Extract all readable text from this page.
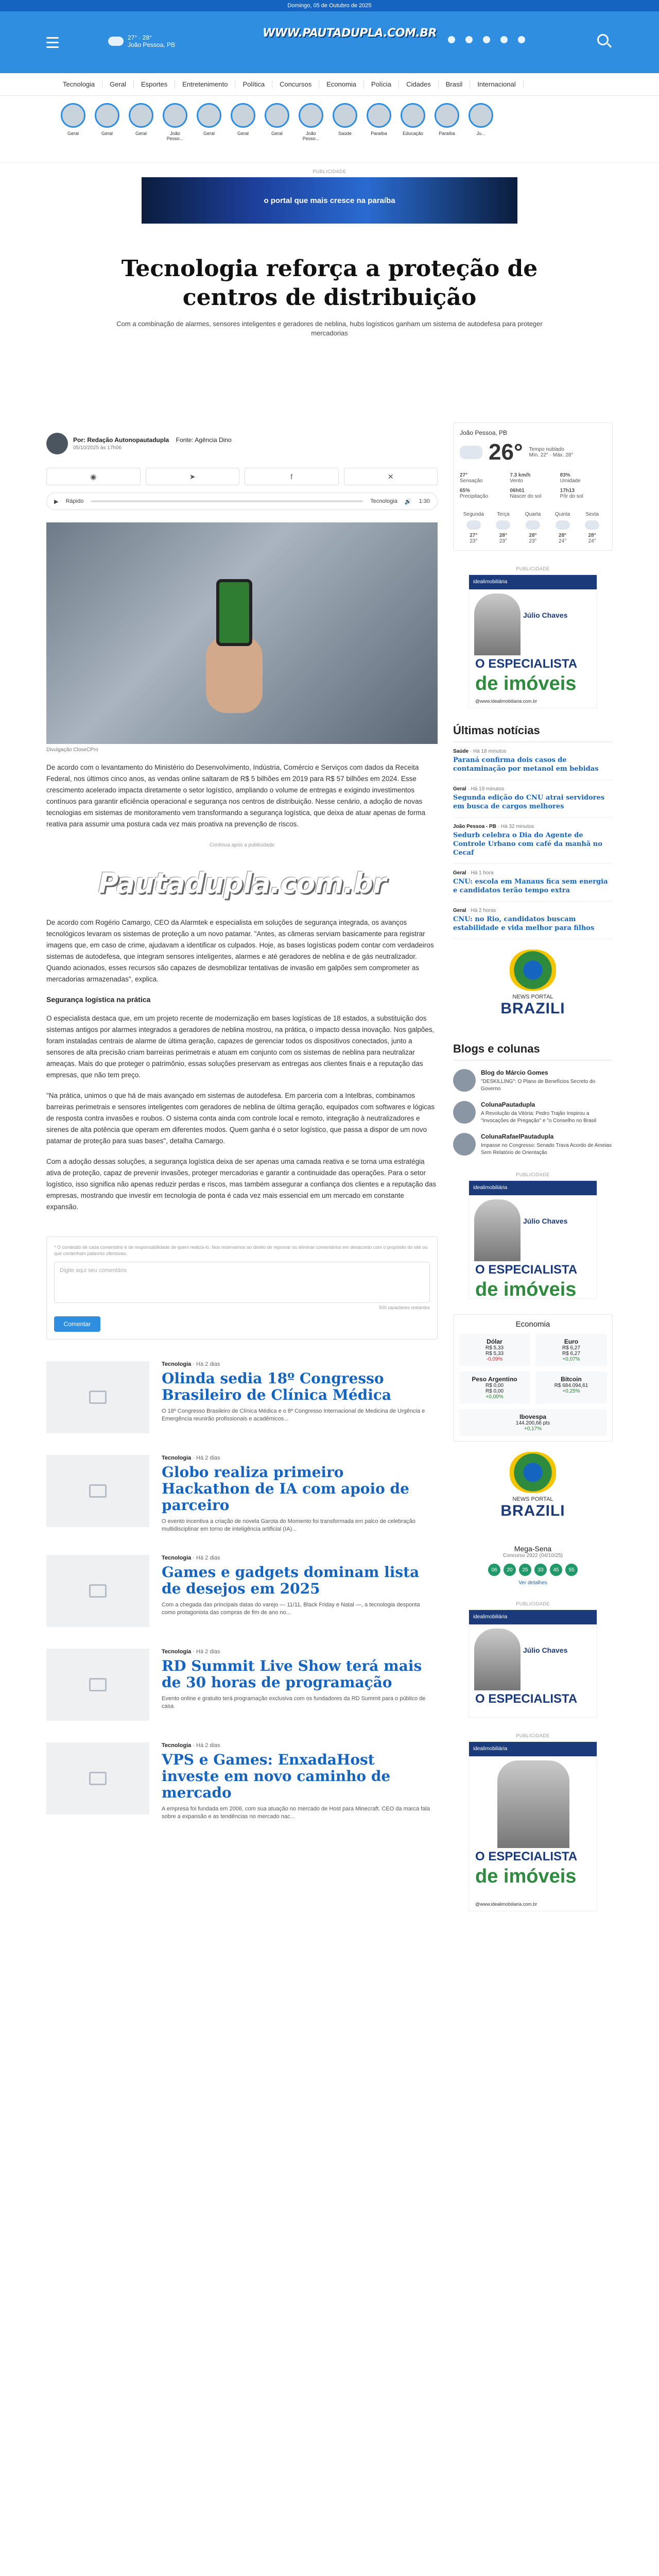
Domingo, 05 de Outubro de 2025
27° · 28°
João Pessoa, PB
WWW.PAUTADUPLA.COM.BR
Tecnologia	Geral	Esportes	Entretenimento	Política	Concursos	Economia	Polícia	Cidades	Brasil	Internacional
Geral	Geral	Geral	João Pesso...
Geral	Geral	Geral	João Pesso...
Saúde	Paraíba	Educação	Paraíba	Ju...
PUBLICIDADE
o portal que mais cresce na paraíba
Tecnologia reforça a proteção de centros de distribuição

Com a combinação de alarmes, sensores inteligentes e geradores de neblina, hubs logísticos ganham um sistema de autodefesa para proteger mercadorias

Por: Redação Autonopautadupla Fonte: Agência Dino
05/10/2025 às 17h06
◉	➤	f	✕
▶ Rápido	Tecnologia 🔊 1:30
Divulgação CloseCPro

De acordo com o levantamento do Ministério do Desenvolvimento, Indústria, Comércio e Serviços com dados da Receita Federal, nos últimos cinco anos, as vendas online saltaram de R$ 5 bilhões em 2019 para R$ 57 bilhões em 2024. Esse crescimento acelerado impacta diretamente o setor logístico, ampliando o volume de entregas e exigindo investimentos contínuos para garantir eficiência operacional e segurança nos centros de distribuição. Nesse cenário, a adoção de novas tecnologias em sistemas de monitoramento vem transformando a segurança logística, que deixa de atuar apenas de forma reativa para assumir uma postura cada vez mais proativa na prevenção de riscos.

Continua após a publicidade
Pautadupla.com.br

De acordo com Rogério Camargo, CEO da Alarmtek e especialista em soluções de segurança integrada, os avanços tecnológicos levaram os sistemas de proteção a um novo patamar. "Antes, as câmeras serviam basicamente para registrar imagens que, em caso de crime, ajudavam a identificar os culpados. Hoje, as bases logísticas podem contar com verdadeiros sistemas de autodefesa, que integram sensores inteligentes, alarmes e até geradores de neblina e de gás neutralizador. Quando acionados, esses recursos são capazes de desmobilizar tentativas de invasão em galpões sem comprometer as mercadorias armazenadas", explica.

Segurança logística na prática

O especialista destaca que, em um projeto recente de modernização em bases logísticas de 18 estados, a substituição dos sistemas antigos por alarmes integrados a geradores de neblina mostrou, na prática, o impacto dessa inovação. Nos galpões, foram instaladas centrais de alarme de última geração, capazes de gerenciar todos os dispositivos conectados, junto a sensores de alta precisão criam barreiras perimetrais e atuam em conjunto com os sistemas de neblina para neutralizar ameaças. Mais do que proteger o patrimônio, essas soluções preservam as entregas aos clientes finais e a reputação das empresas, que não tem preço.

"Na prática, unimos o que há de mais avançado em sistemas de autodefesa. Em parceria com a Intelbras, combinamos barreiras perimetrais e sensores inteligentes com geradores de neblina de última geração, equipados com softwares e lógicas de resposta contra invasões e roubos. O sistema conta ainda com controle local e remoto, integração à neutralizadores e sirenes de alta potência que operam em diferentes modos. Quem ganha é o setor logístico, que passa a dispor de um novo patamar de proteção para suas bases", detalha Camargo.

Com a adoção dessas soluções, a segurança logística deixa de ser apenas uma camada reativa e se torna uma estratégia ativa de proteção, capaz de prevenir invasões, proteger mercadorias e garantir a continuidade das operações. Para o setor logístico, isso significa não apenas reduzir perdas e riscos, mas também assegurar a confiança dos clientes e a reputação das empresas, mostrando que investir em tecnologia de ponta é cada vez mais essencial em um mercado em constante expansão.

* O conteúdo de cada comentário é de responsabilidade de quem realizá-lo. Nos reservamos ao direito de reprovar ou eliminar comentários em desacordo com o propósito do site ou que contenham palavras ofensivas.
Digite aqui seu comentário
500 caracteres restantes
Comentar
Tecnologia · Há 2 dias
Olinda sedia 18º Congresso Brasileiro de Clínica Médica

O 18º Congresso Brasileiro de Clínica Médica e o 8º Congresso Internacional de Medicina de Urgência e Emergência reunirão profissionais e acadêmicos...

Tecnologia · Há 2 dias
Globo realiza primeiro Hackathon de IA com apoio de parceiro

O evento incentiva a criação de novela Garota do Momento foi transformada em palco de celebração multidisciplinar em torno de inteligência artificial (IA)...

Tecnologia · Há 2 dias
Games e gadgets dominam lista de desejos em 2025

Com a chegada das principais datas do varejo — 11/11, Black Friday e Natal —, a tecnologia desponta como protagonista das compras de fim de ano no...

Tecnologia · Há 2 dias
RD Summit Live Show terá mais de 30 horas de programação

Evento online e gratuito terá programação exclusiva com os fundadores da RD Summit para o público de casa

Tecnologia · Há 2 dias
VPS e Games: EnxadaHost investe em novo caminho de mercado

A empresa foi fundada em 2006, com sua atuação no mercado de Host para Minecraft. CEO da marca fala sobre a expansão e as tendências no mercado nac...

João Pessoa, PB
26° Tempo nublado
Mín. 22° · Máx. 28°
27°
Sensação
7.3 km/h
Vento
83%
Umidade
65%
Precipitação
06h01
Nascer do sol
17h13
Pôr do sol
Segunda
27°
23°
Terça
28°
23°
Quarta
28°
23°
Quinta
28°
24°
Sexta
28°
24°
PUBLICIDADE
idealimobiliária
Júlio Chaves
O ESPECIALISTA
de imóveis
@www.idealimobiliaria.com.br
Últimas notícias
Saúde · Há 18 minutos
Paraná confirma dois casos de contaminação por metanol em bebidas
Geral · Há 19 minutos
Segunda edição do CNU atrai servidores em busca de cargos melhores
João Pessoa - PB · Há 32 minutos
Sedurb celebra o Dia do Agente de Controle Urbano com café da manhã no Cecaf
Geral · Há 1 hora
CNU: escola em Manaus fica sem energia e candidatos terão tempo extra
Geral · Há 2 horas
CNU: no Rio, candidatos buscam estabilidade e vida melhor para filhos
NEWS PORTAL
BRAZILI
Blogs e colunas
Blog do Márcio Gomes
"DESKILLING": O Plano de Benefícios Secreto do Governo
ColunaPautadupla
A Revolução da Vitória: Pedro Trajão Inspirou a "Invocações de Pregação" e "o Conselho no Brasil
ColunaRafaelPautadupla
Impasse no Congresso: Senado Trava Acordo de Ameias Sem Relatório de Orientação
PUBLICIDADE
idealimobiliária
Júlio Chaves
O ESPECIALISTA
de imóveis
Economia
Dólar
R$ 5,33
R$ 5,33
-0,09%
Euro
R$ 6,27
R$ 6,27
+0,07%
Peso Argentino
R$ 0,00
R$ 0,00
+0,00%
Bitcoin
R$ 684.094,61
+0,25%
Ibovespa
144.200,66 pts
+0,17%
NEWS PORTAL
BRAZILI
Mega-Sena
Concurso 2922 (04/10/25)
06	20	25	33	45	55
Ver detalhes
PUBLICIDADE
idealimobiliária
Júlio Chaves
O ESPECIALISTA
PUBLICIDADE
idealimobiliária
O ESPECIALISTA
de imóveis
@www.idealimobiliaria.com.br
